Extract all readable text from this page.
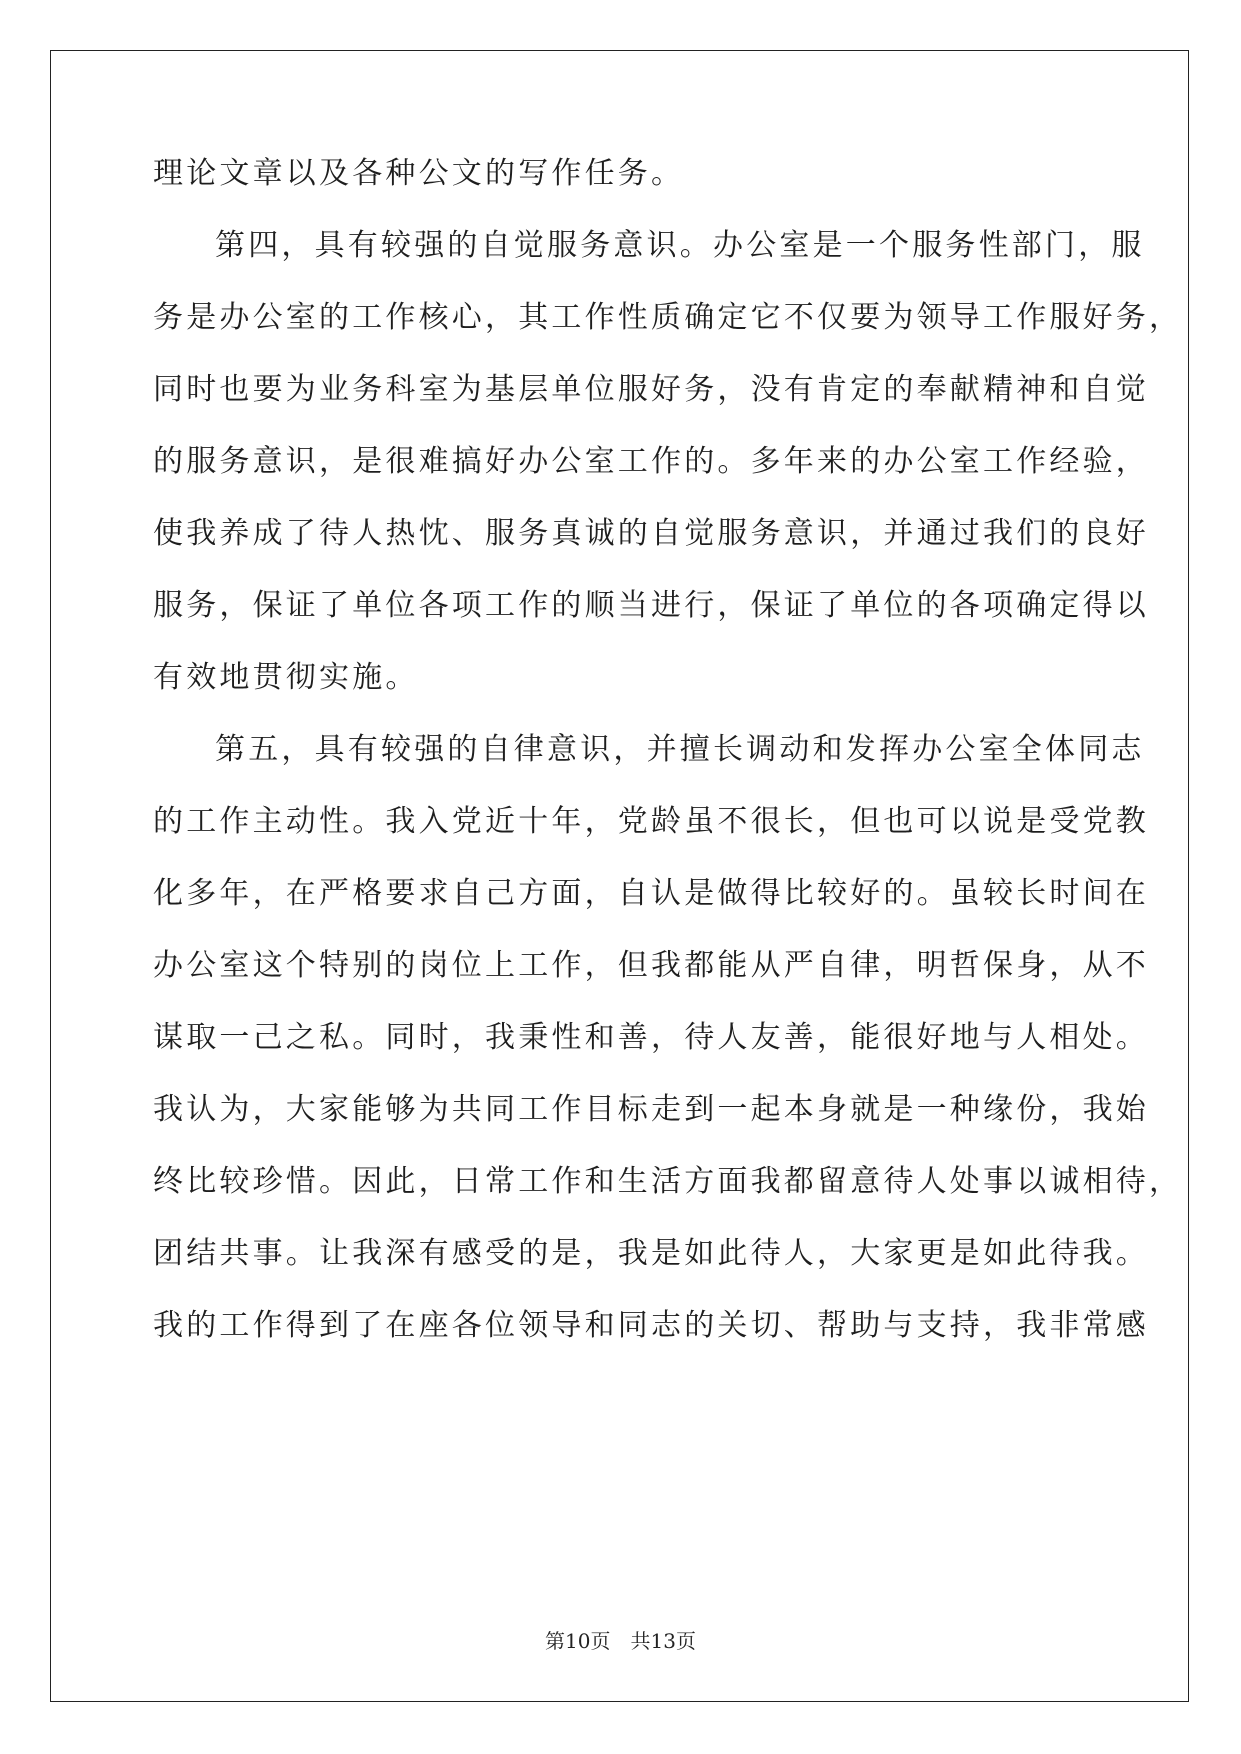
理论文章以及各种公文的写作任务。
第四，具有较强的自觉服务意识。办公室是一个服务性部门，服
务是办公室的工作核心，其工作性质确定它不仅要为领导工作服好务，
同时也要为业务科室为基层单位服好务，没有肯定的奉献精神和自觉
的服务意识，是很难搞好办公室工作的。多年来的办公室工作经验，
使我养成了待人热忱、服务真诚的自觉服务意识，并通过我们的良好
服务，保证了单位各项工作的顺当进行，保证了单位的各项确定得以
有效地贯彻实施。
第五，具有较强的自律意识，并擅长调动和发挥办公室全体同志
的工作主动性。我入党近十年，党龄虽不很长，但也可以说是受党教
化多年，在严格要求自己方面，自认是做得比较好的。虽较长时间在
办公室这个特别的岗位上工作，但我都能从严自律，明哲保身，从不
谋取一己之私。同时，我秉性和善，待人友善，能很好地与人相处。
我认为，大家能够为共同工作目标走到一起本身就是一种缘份，我始
终比较珍惜。因此，日常工作和生活方面我都留意待人处事以诚相待，
团结共事。让我深有感受的是，我是如此待人，大家更是如此待我。
我的工作得到了在座各位领导和同志的关切、帮助与支持，我非常感
第10页　共13页
